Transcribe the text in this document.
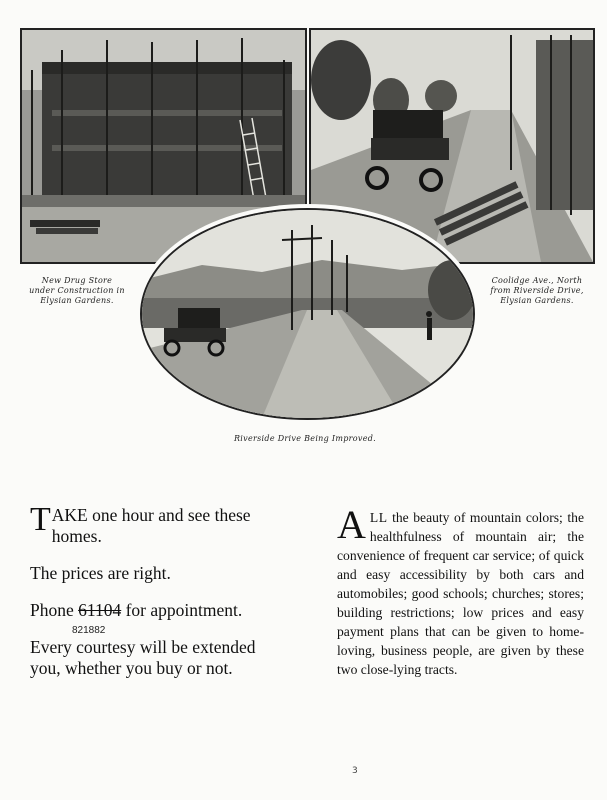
New Drug Store
under Construction in
Elysian Gardens.
Coolidge Ave., North
from Riverside Drive,
Elysian Gardens.
Riverside Drive Being Improved.

TAKE one hour and see these homes.

The prices are right.

Phone 61104 for appointment.

Every courtesy will be extended you, whether you buy or not.

821882

ALL the beauty of mountain colors; the healthfulness of mountain air; the convenience of frequent car service; of quick and easy accessibility by both cars and automobiles; good schools; churches; stores; building restrictions; low prices and easy payment plans that can be given to home-loving, business people, are given by these two close-lying tracts.

3
